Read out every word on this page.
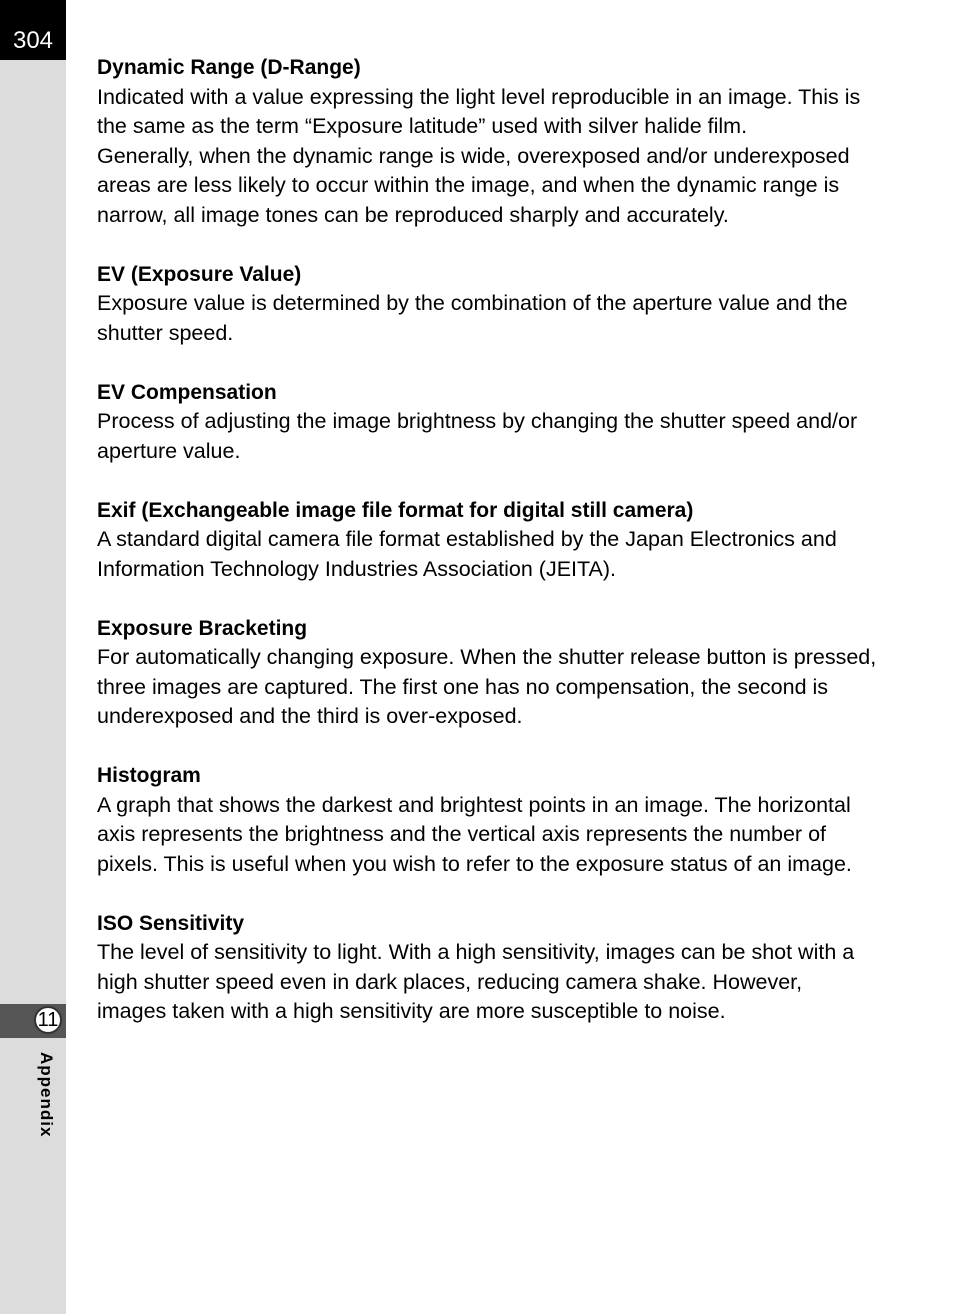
304
11
Appendix

Dynamic Range (D-Range)

Indicated with a value expressing the light level reproducible in an image. This is the same as the term “Exposure latitude” used with silver halide film.
Generally, when the dynamic range is wide, overexposed and/or underexposed areas are less likely to occur within the image, and when the dynamic range is narrow, all image tones can be reproduced sharply and accurately.

EV (Exposure Value)

Exposure value is determined by the combination of the aperture value and the shutter speed.

EV Compensation

Process of adjusting the image brightness by changing the shutter speed and/or aperture value.

Exif (Exchangeable image file format for digital still camera)

A standard digital camera file format established by the Japan Electronics and Information Technology Industries Association (JEITA).

Exposure Bracketing

For automatically changing exposure. When the shutter release button is pressed, three images are captured. The first one has no compensation, the second is underexposed and the third is over-exposed.

Histogram

A graph that shows the darkest and brightest points in an image. The horizontal axis represents the brightness and the vertical axis represents the number of pixels. This is useful when you wish to refer to the exposure status of an image.

ISO Sensitivity

The level of sensitivity to light. With a high sensitivity, images can be shot with a high shutter speed even in dark places, reducing camera shake. However, images taken with a high sensitivity are more susceptible to noise.
